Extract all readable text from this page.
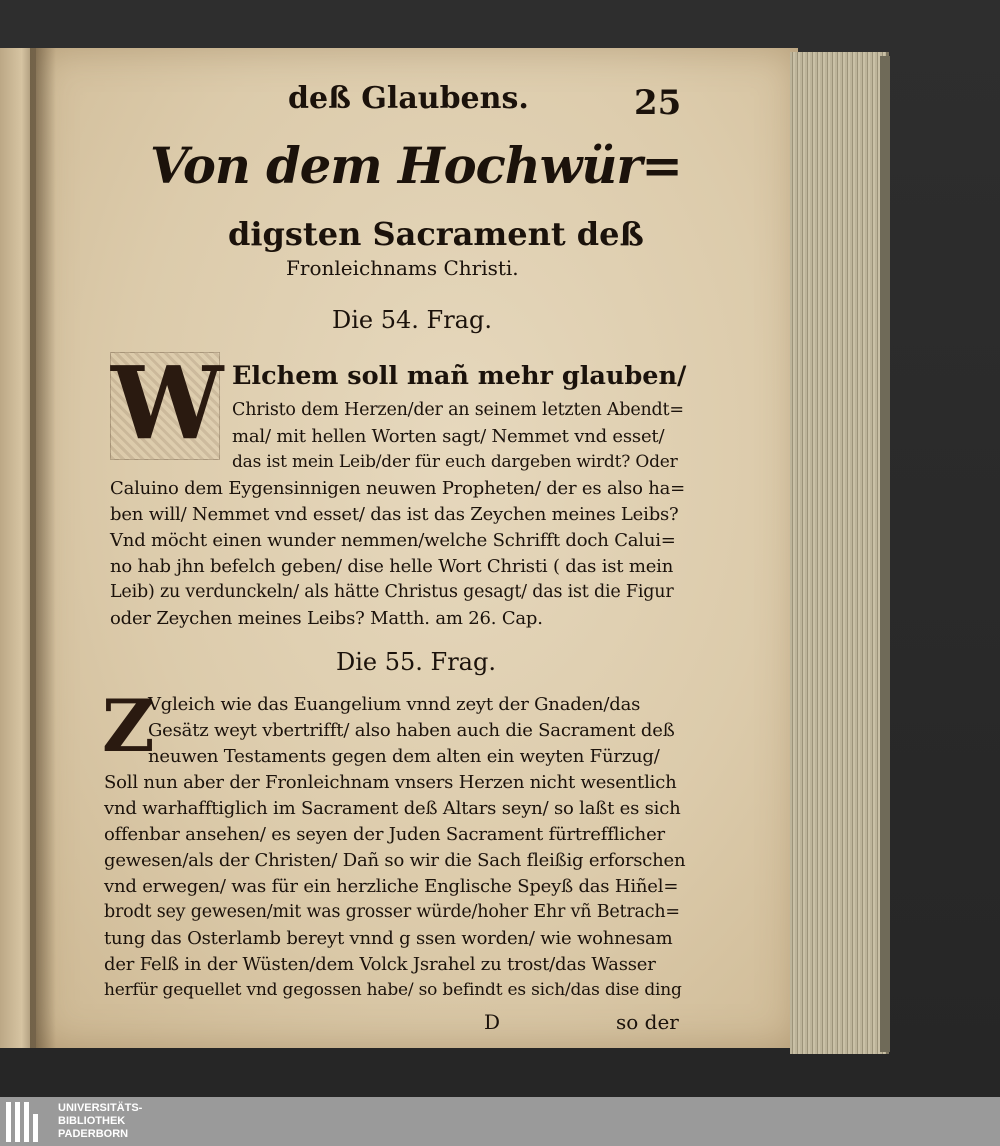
deß Glaubens.	25
Von dem Hochwür=
digsten Sacrament deß
Fronleichnams Christi.
Die 54. Frag.
W Elchem soll mañ mehr glauben/
Christo dem Herzen/der an seinem letzten Abendt=
mal/ mit hellen Worten sagt/ Nemmet vnd esset/
das ist mein Leib/der für euch dargeben wirdt? Oder
Caluino dem Eygensinnigen neuwen Propheten/ der es also ha=
ben will/ Nemmet vnd esset/ das ist das Zeychen meines Leibs?
Vnd möcht einen wunder nemmen/welche Schrifft doch Calui=
no hab jhn befelch geben/ dise helle Wort Christi ( das ist mein
Leib) zu verdunckeln/ als hätte Christus gesagt/ das ist die Figur
oder Zeychen meines Leibs? Matth. am 26. Cap.
Die 55. Frag.
Z
Vgleich wie das Euangelium vnnd zeyt der Gnaden/das
Gesätz weyt vbertrifft/ also haben auch die Sacrament deß
neuwen Testaments gegen dem alten ein weyten Fürzug/
Soll nun aber der Fronleichnam vnsers Herzen nicht wesentlich
vnd warhafftiglich im Sacrament deß Altars seyn/ so laßt es sich
offenbar ansehen/ es seyen der Juden Sacrament fürtrefflicher
gewesen/als der Christen/ Dañ so wir die Sach fleißig erforschen
vnd erwegen/ was für ein herzliche Englische Speyß das Hiñel=
brodt sey gewesen/mit was grosser würde/hoher Ehr vñ Betrach=
tung das Osterlamb bereyt vnnd g ssen worden/ wie wohnesam
der Felß in der Wüsten/dem Volck Jsrahel zu trost/das Wasser
herfür gequellet vnd gegossen habe/ so befindt es sich/das dise ding
D	so der
UNIVERSITÄTS-
BIBLIOTHEK
PADERBORN
